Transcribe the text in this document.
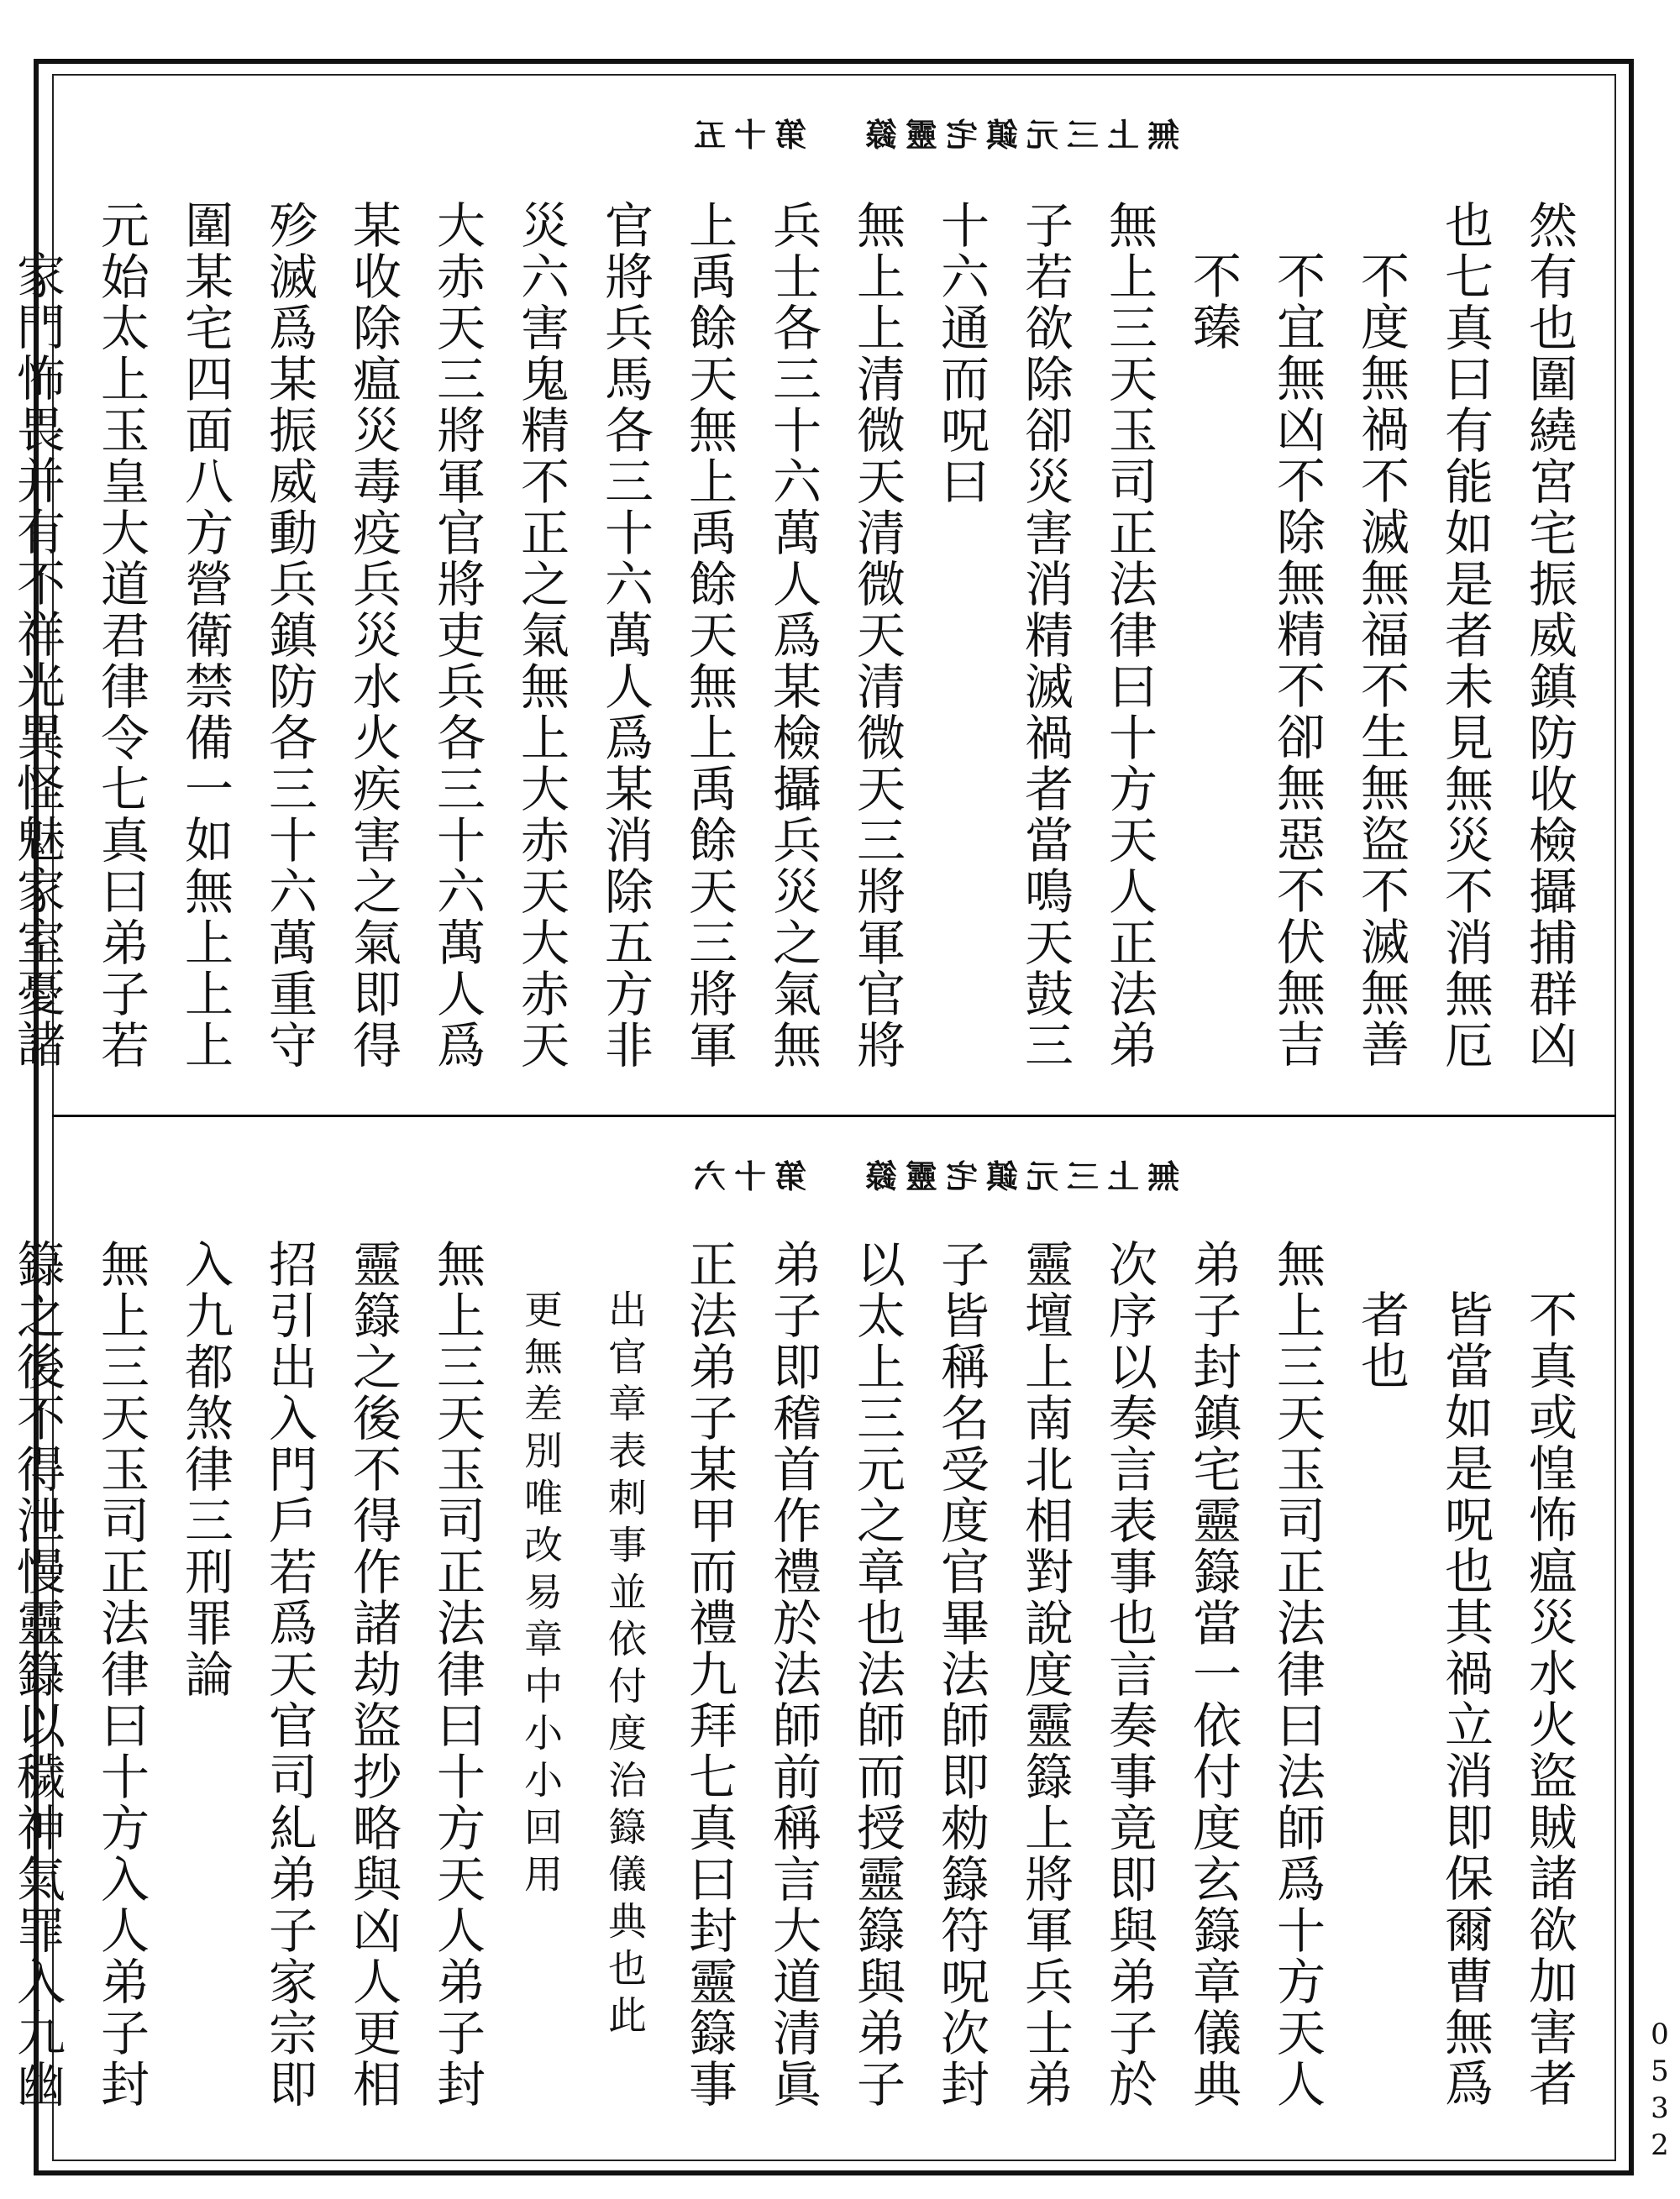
第十五 無上三元鎮宅靈籙

然有也圍繞宮宅振威鎮防收檢攝捕群凶

也七真曰有能如是者未見無災不消無厄

不度無禍不滅無福不生無盜不滅無善

不宜無凶不除無精不卻無惡不伏無吉

不臻

無上三天玉司正法律曰十方天人正法弟

子若欲除卻災害消精滅禍者當鳴天鼓三

十六通而呪曰

無上上清微天清微天清微天三將軍官將

兵士各三十六萬人爲某檢攝兵災之氣無

上禹餘天無上禹餘天無上禹餘天三將軍

官將兵馬各三十六萬人爲某消除五方非

災六害鬼精不正之氣無上大赤天大赤天

大赤天三將軍官將吏兵各三十六萬人爲

某收除瘟災毒疫兵災水火疾害之氣即得

殄滅爲某振威動兵鎮防各三十六萬重守

圍某宅四面八方營衛禁備一如無上上上

元始太上玉皇大道君律令七真曰弟子若

家門怖畏并有不祥光異怪魅家室憂諸

第十六 無上三元鎮宅靈籙

不真或惶怖瘟災水火盜賊諸欲加害者

皆當如是呪也其禍立消即保爾曹無爲

者也

無上三天玉司正法律曰法師爲十方天人

弟子封鎮宅靈籙當一依付度玄籙章儀典

次序以奏言表事也言奏事竟即與弟子於

靈壇上南北相對說度靈籙上將軍兵士弟

子皆稱名受度官畢法師即勑籙符呪次封

以太上三元之章也法師而授靈籙與弟子

弟子即稽首作禮於法師前稱言大道清眞

正法弟子某甲而禮九拜七真曰封靈籙事

出官章表刺事並依付度治籙儀典也此

更無差別唯改易章中小小回用

無上三天玉司正法律曰十方天人弟子封

靈籙之後不得作諸劫盜抄略與凶人更相

招引出入門戶若爲天官司糺弟子家宗即

入九都煞律三刑罪論

無上三天玉司正法律曰十方入人弟子封

籙之後不得泄慢靈籙以穢神氣罪入九幽	0532
